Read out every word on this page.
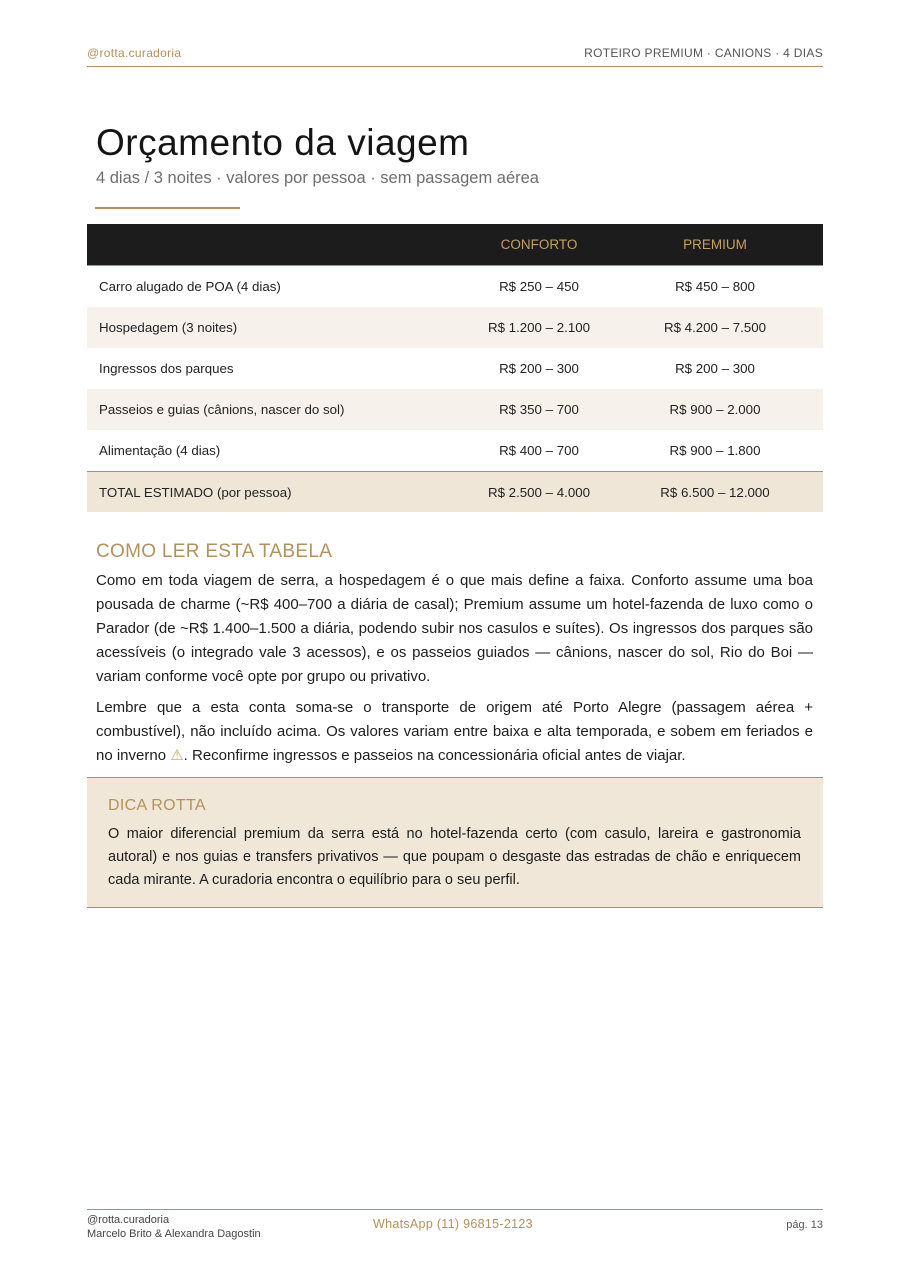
@rotta.curadoria	ROTEIRO PREMIUM · CANIONS · 4 DIAS
Orçamento da viagem
4 dias / 3 noites · valores por pessoa · sem passagem aérea
	CONFORTO	PREMIUM
Carro alugado de POA (4 dias)	R$ 250 – 450	R$ 450 – 800
Hospedagem (3 noites)	R$ 1.200 – 2.100	R$ 4.200 – 7.500
Ingressos dos parques	R$ 200 – 300	R$ 200 – 300
Passeios e guias (cânions, nascer do sol)	R$ 350 – 700	R$ 900 – 2.000
Alimentação (4 dias)	R$ 400 – 700	R$ 900 – 1.800
TOTAL ESTIMADO (por pessoa)	R$ 2.500 – 4.000	R$ 6.500 – 12.000
COMO LER ESTA TABELA

Como em toda viagem de serra, a hospedagem é o que mais define a faixa. Conforto assume uma boa pousada de charme (~R$ 400–700 a diária de casal); Premium assume um hotel-fazenda de luxo como o Parador (de ~R$ 1.400–1.500 a diária, podendo subir nos casulos e suítes). Os ingressos dos parques são acessíveis (o integrado vale 3 acessos), e os passeios guiados — cânions, nascer do sol, Rio do Boi — variam conforme você opte por grupo ou privativo.

Lembre que a esta conta soma-se o transporte de origem até Porto Alegre (passagem aérea + combustível), não incluído acima. Os valores variam entre baixa e alta temporada, e sobem em feriados e no inverno ⚠. Reconfirme ingressos e passeios na concessionária oficial antes de viajar.

DICA ROTTA

O maior diferencial premium da serra está no hotel-fazenda certo (com casulo, lareira e gastronomia autoral) e nos guias e transfers privativos — que poupam o desgaste das estradas de chão e enriquecem cada mirante. A curadoria encontra o equilíbrio para o seu perfil.

@rotta.curadoria
Marcelo Brito & Alexandra Dagostin
WhatsApp (11) 96815-2123	pág. 13
